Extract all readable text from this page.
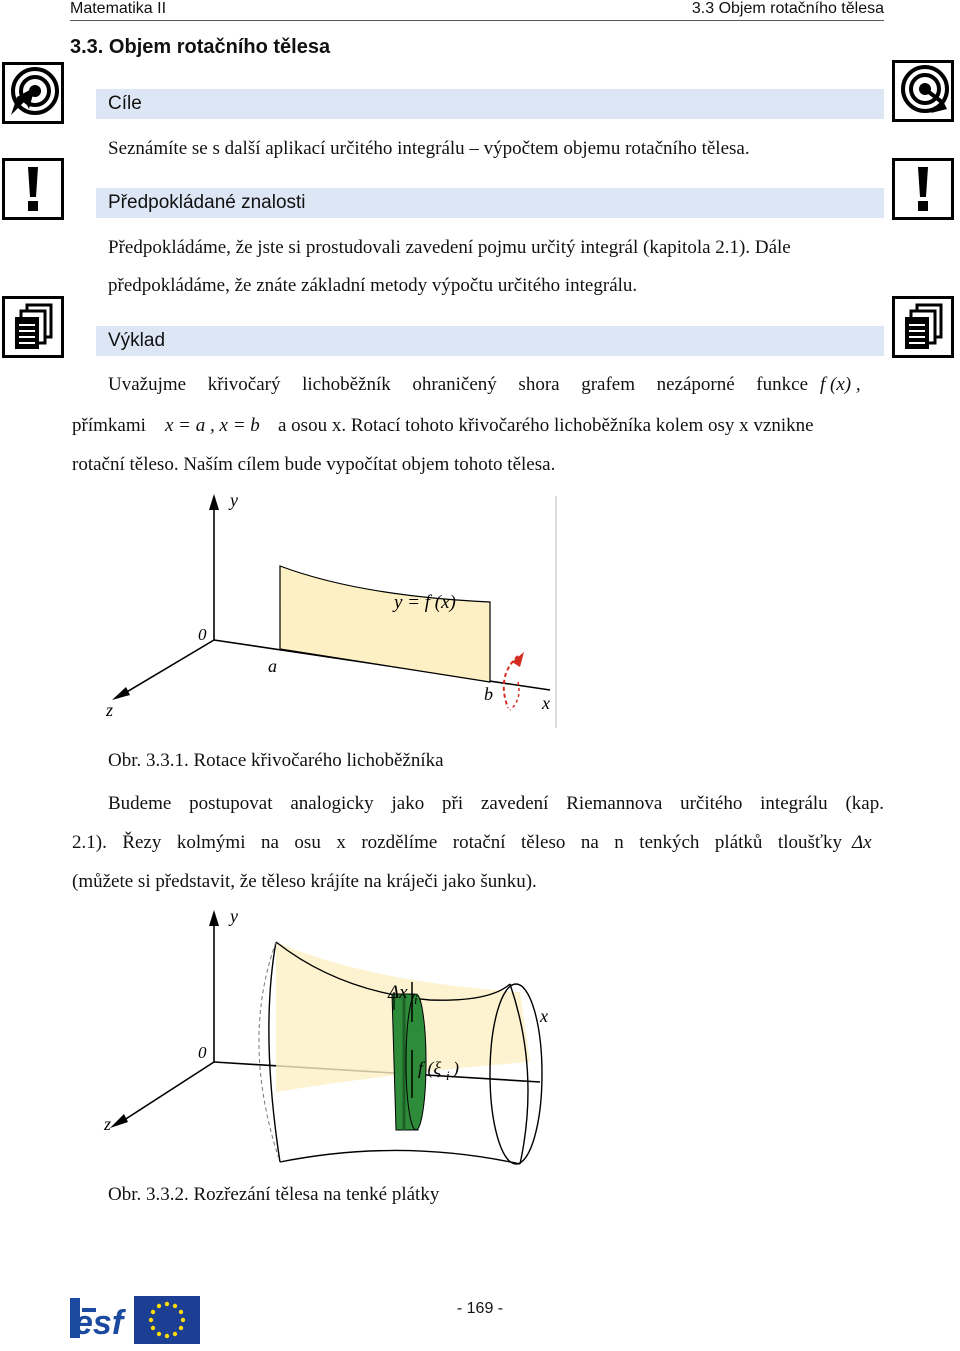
Matematika II	3.3 Objem rotačního tělesa
3.3. Objem rotačního tělesa
Cíle
Seznámíte se s další aplikací určitého integrálu – výpočtem objemu rotačního tělesa.
Předpokládané znalosti
Předpokládáme, že jste si prostudovali zavedení pojmu určitý integrál (kapitola 2.1). Dále
předpokládáme, že znáte základní metody výpočtu určitého integrálu.
Výklad
Uvažujme křivočarý lichoběžník ohraničený shora grafem nezáporné funkce f (x) ,
přímkami x = a , x = b a osou x. Rotací tohoto křivočarého lichoběžníka kolem osy x vznikne
rotační těleso. Naším cílem bude vypočítat objem tohoto tělesa.
y
0
a
b	x
z
y = f (x)
Obr. 3.3.1. Rotace křivočarého lichoběžníka
Budeme postupovat analogicky jako při zavedení Riemannova určitého integrálu (kap.
2.1). Řezy kolmými na osu x rozdělíme rotační těleso na n tenkých plátků tloušťky Δx
(můžete si představit, že těleso krájíte na kráječi jako šunku).
y
0
x
z
Δx i
f (ξ i )
Obr. 3.3.2. Rozřezání tělesa na tenké plátky
esf	- 169 -
